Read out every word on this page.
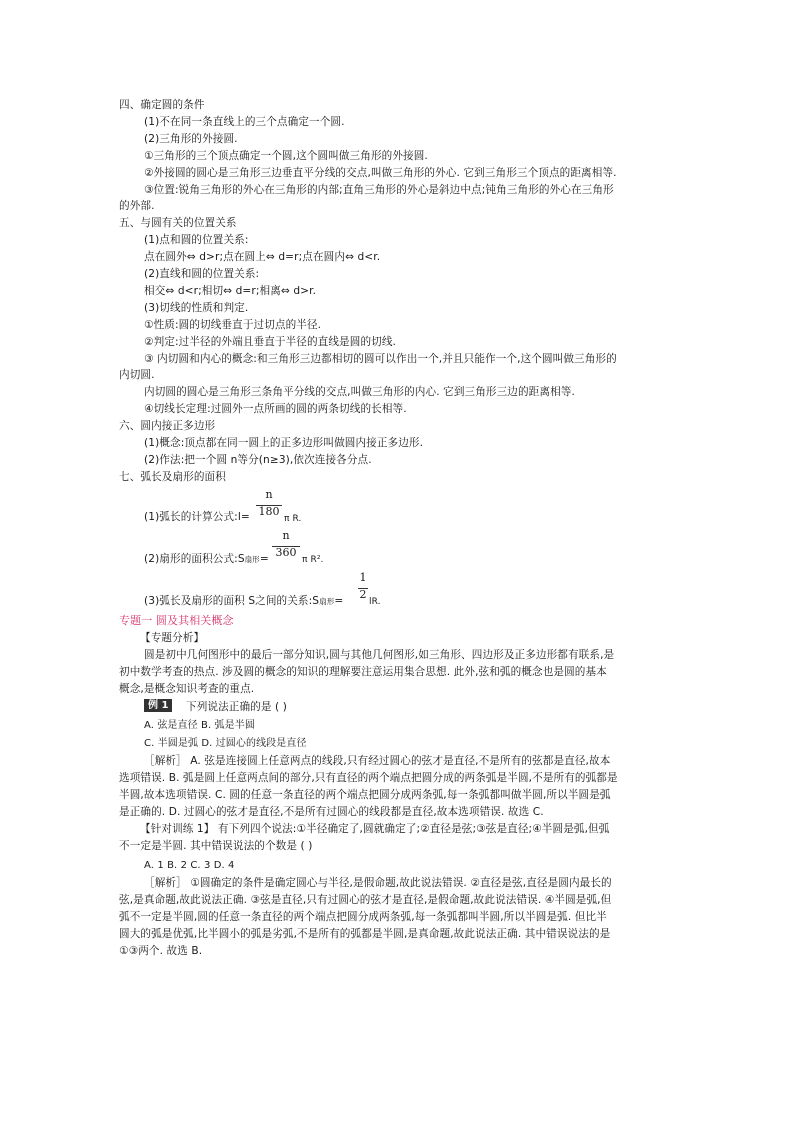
四、确定圆的条件
(1)不在同一条直线上的三个点确定一个圆.
(2)三角形的外接圆.
①三角形的三个顶点确定一个圆,这个圆叫做三角形的外接圆.
②外接圆的圆心是三角形三边垂直平分线的交点,叫做三角形的外心. 它到三角形三个顶点的距离相等.
③位置:锐角三角形的外心在三角形的内部;直角三角形的外心是斜边中点;钝角三角形的外心在三角形
的外部.
五、与圆有关的位置关系
(1)点和圆的位置关系:
点在圆外⇔ d>r;点在圆上⇔ d=r;点在圆内⇔ d<r.
(2)直线和圆的位置关系:
相交⇔ d<r;相切⇔ d=r;相离⇔ d>r.
(3)切线的性质和判定.
①性质:圆的切线垂直于过切点的半径.
②判定:过半径的外端且垂直于半径的直线是圆的切线.
③ 内切圆和内心的概念:和三角形三边都相切的圆可以作出一个,并且只能作一个,这个圆叫做三角形的
内切圆.
内切圆的圆心是三角形三条角平分线的交点,叫做三角形的内心. 它到三角形三边的距离相等.
④切线长定理:过圆外一点所画的圆的两条切线的长相等.
六、圆内接正多边形
(1)概念:顶点都在同一圆上的正多边形叫做圆内接正多边形.
(2)作法:把一个圆 n等分(n≥3),依次连接各分点.
七、弧长及扇形的面积
(1)弧长的计算公式:l=
n
180
π R.
(2)扇形的面积公式:S扇形=
n
360
π R².
(3)弧长及扇形的面积 S之间的关系:S扇形=
1
2
lR.
专题一 圆及其相关概念
【专题分析】
圆是初中几何图形中的最后一部分知识,圆与其他几何图形,如三角形、四边形及正多边形都有联系,是
初中数学考查的热点. 涉及圆的概念的知识的理解要注意运用集合思想. 此外,弦和弧的概念也是圆的基本
概念,是概念知识考查的重点.
例 1	下列说法正确的是 ( )
A. 弦是直径 B. 弧是半圆
C. 半圆是弧 D. 过圆心的线段是直径
［解析］ A. 弦是连接圆上任意两点的线段,只有经过圆心的弦才是直径,不是所有的弦都是直径,故本
选项错误. B. 弧是圆上任意两点间的部分,只有直径的两个端点把圆分成的两条弧是半圆,不是所有的弧都是
半圆,故本选项错误. C. 圆的任意一条直径的两个端点把圆分成两条弧,每一条弧都叫做半圆,所以半圆是弧
是正确的. D. 过圆心的弦才是直径,不是所有过圆心的线段都是直径,故本选项错误. 故选 C.
【针对训练 1】 有下列四个说法:①半径确定了,圆就确定了;②直径是弦;③弦是直径;④半圆是弧,但弧
不一定是半圆. 其中错误说法的个数是 ( )
A. 1 B. 2 C. 3 D. 4
［解析］ ①圆确定的条件是确定圆心与半径,是假命题,故此说法错误. ②直径是弦,直径是圆内最长的
弦,是真命题,故此说法正确. ③弦是直径,只有过圆心的弦才是直径,是假命题,故此说法错误. ④半圆是弧,但
弧不一定是半圆,圆的任意一条直径的两个端点把圆分成两条弧,每一条弧都叫半圆,所以半圆是弧. 但比半
圆大的弧是优弧,比半圆小的弧是劣弧,不是所有的弧都是半圆,是真命题,故此说法正确. 其中错误说法的是
①③两个. 故选 B.
